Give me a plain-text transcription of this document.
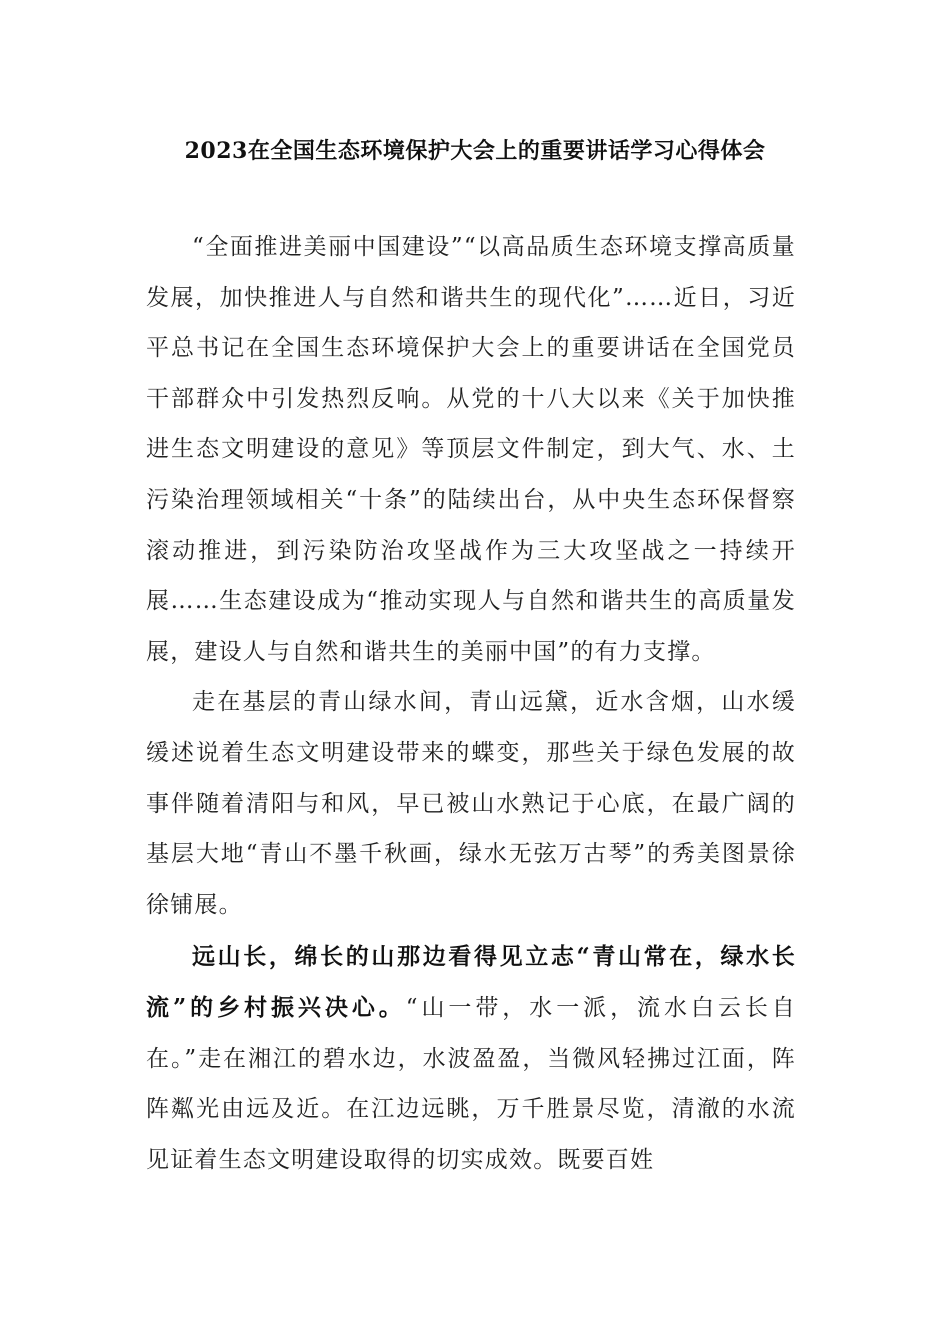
2023在全国生态环境保护大会上的重要讲话学习心得体会

“全面推进美丽中国建设”“以高品质生态环境支撑高质量发展，加快推进人与自然和谐共生的现代化”……近日，习近平总书记在全国生态环境保护大会上的重要讲话在全国党员干部群众中引发热烈反响。从党的十八大以来《关于加快推进生态文明建设的意见》等顶层文件制定，到大气、水、土污染治理领域相关“十条”的陆续出台，从中央生态环保督察滚动推进，到污染防治攻坚战作为三大攻坚战之一持续开展……生态建设成为“推动实现人与自然和谐共生的高质量发展，建设人与自然和谐共生的美丽中国”的有力支撑。

走在基层的青山绿水间，青山远黛，近水含烟，山水缓缓述说着生态文明建设带来的蝶变，那些关于绿色发展的故事伴随着清阳与和风，早已被山水熟记于心底，在最广阔的基层大地“青山不墨千秋画，绿水无弦万古琴”的秀美图景徐徐铺展。

远山长，绵长的山那边看得见立志“青山常在，绿水长流”的乡村振兴决心。“山一带，水一派，流水白云长自在。”走在湘江的碧水边，水波盈盈，当微风轻拂过江面，阵阵粼光由远及近。在江边远眺，万千胜景尽览，清澈的水流见证着生态文明建设取得的切实成效。既要百姓
